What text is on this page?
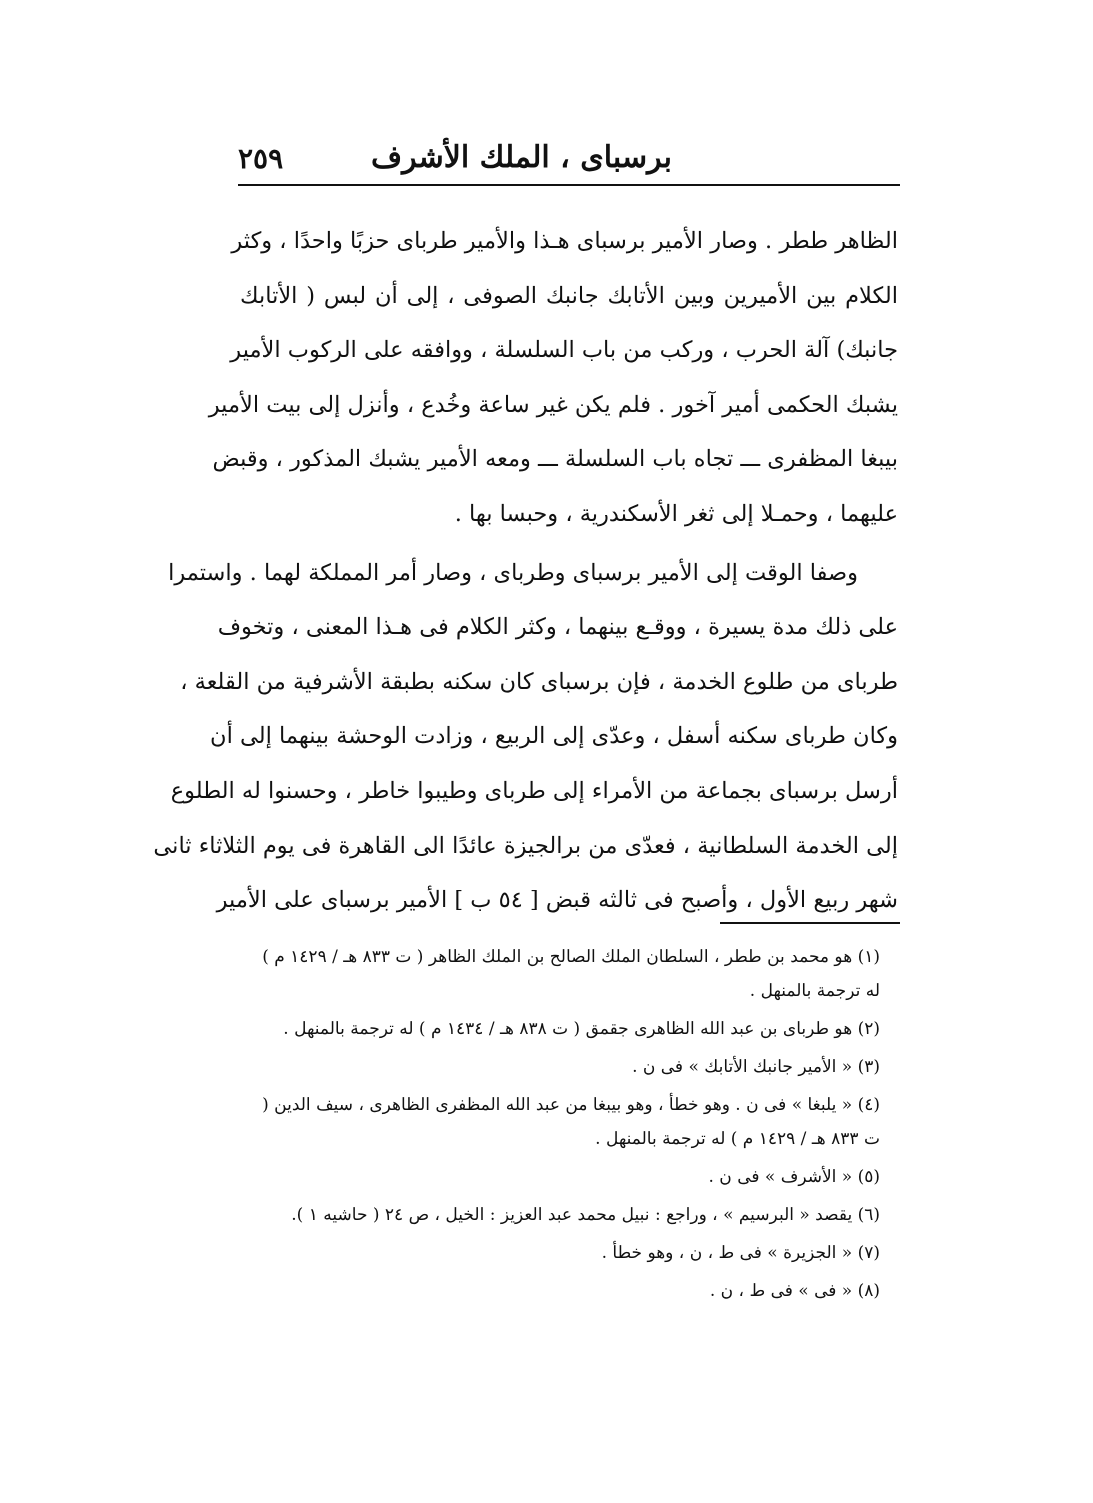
برسباى ، الملك الأشرف
٢٥٩
الظاهر ططر . وصار الأمير برسباى هـذا والأمير طرباى حزبًا واحدًا ، وكثر
الكلام بين الأميرين وبين الأتابك جانبك الصوفى ، إلى أن لبس ( الأتابك
جانبك) آلة الحرب ، وركب من باب السلسلة ، ووافقه على الركوب الأمير
يشبك الحكمى أمير آخور . فلم يكن غير ساعة وخُدع ، وأنزل إلى بيت الأمير
بيبغا المظفرى ـــ تجاه باب السلسلة ـــ ومعه الأمير يشبك المذكور ، وقبض
عليهما ، وحمـلا إلى ثغر الأسكندرية ، وحبسا بها .
وصفا الوقت إلى الأمير برسباى وطرباى ، وصار أمر المملكة لهما . واستمرا
على ذلك مدة يسيرة ، ووقـع بينهما ، وكثر الكلام فى هـذا المعنى ، وتخوف
طرباى من طلوع الخدمة ، فإن برسباى كان سكنه بطبقة الأشرفية من القلعة ،
وكان طرباى سكنه أسفل ، وعدّى إلى الربيع ، وزادت الوحشة بينهما إلى أن
أرسل برسباى بجماعة من الأمراء إلى طرباى وطيبوا خاطر ، وحسنوا له الطلوع
إلى الخدمة السلطانية ، فعدّى من برالجيزة عائدًا الى القاهرة فى يوم الثلاثاء ثانى
شهر ربيع الأول ، وأصبح فى ثالثه قبض [ ٥٤ ب ] الأمير برسباى على الأمير

(١) هو محمد بن ططر ، السلطان الملك الصالح بن الملك الظاهر ( ت ٨٣٣ هـ / ١٤٢٩ م ) له ترجمة بالمنهل .

(٢) هو طرباى بن عبد الله الظاهرى جقمق ( ت ٨٣٨ هـ / ١٤٣٤ م ) له ترجمة بالمنهل .

(٣) « الأمير جانبك الأتابك » فى ن .

(٤) « يلبغا » فى ن . وهو خطأ ، وهو بيبغا من عبد الله المظفرى الظاهرى ، سيف الدين ( ت ٨٣٣ هـ / ١٤٢٩ م ) له ترجمة بالمنهل .

(٥) « الأشرف » فى ن .

(٦) يقصد « البرسيم » ، وراجع : نبيل محمد عبد العزيز : الخيل ، ص ٢٤ ( حاشيه ١ ).

(٧) « الجزيرة » فى ط ، ن ، وهو خطأ .

(٨) « فى » فى ط ، ن .
